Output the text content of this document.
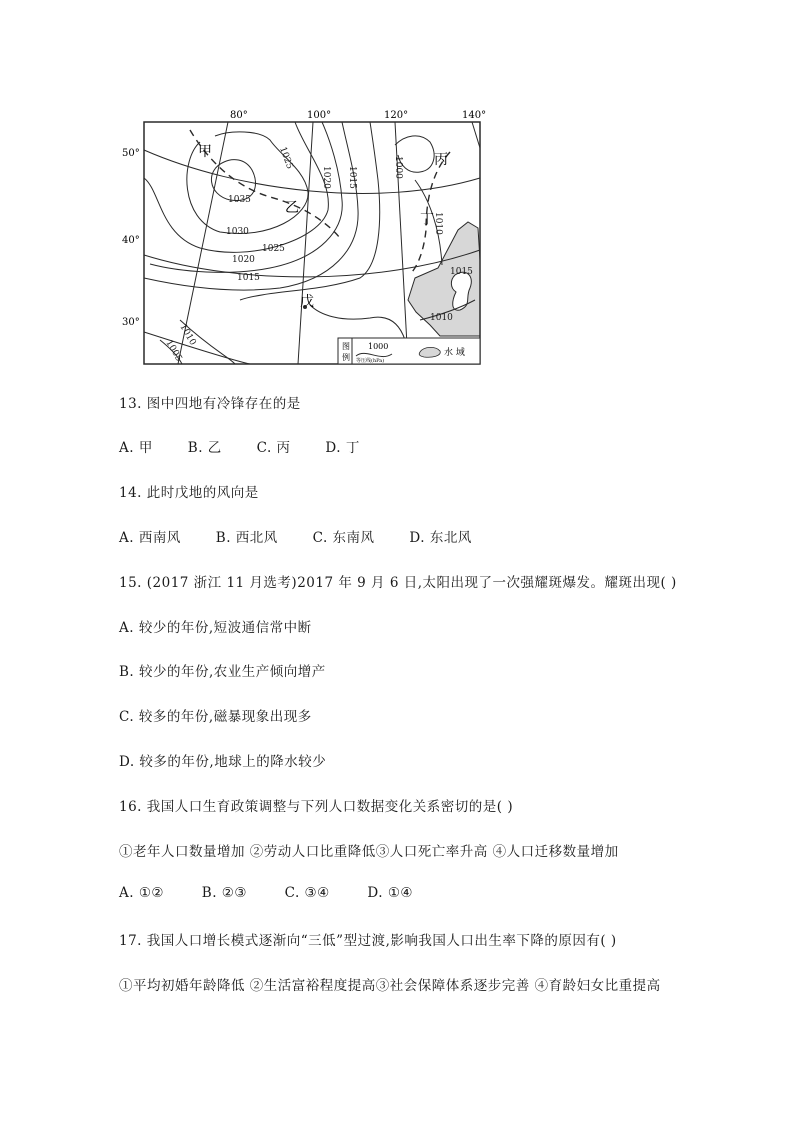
80°	100°	120°	140°
50°
40°
30°
甲
乙
丙
丁
戊
1035
1030
1025
1020
1015
1010
1005
1025
1020 1015	1000
1010
1015
1010
图
例
1000
等压线(hPa)
水 域
13. 图中四地有冷锋存在的是
A. 甲	B. 乙	C. 丙	D. 丁
14. 此时戊地的风向是
A. 西南风	B. 西北风	C. 东南风	D. 东北风
15. (2017 浙江 11 月选考)2017 年 9 月 6 日,太阳出现了一次强耀斑爆发。耀斑出现( )
A. 较少的年份,短波通信常中断
B. 较少的年份,农业生产倾向增产
C. 较多的年份,磁暴现象出现多
D. 较多的年份,地球上的降水较少
16. 我国人口生育政策调整与下列人口数据变化关系密切的是( )
①老年人口数量增加 ②劳动人口比重降低③人口死亡率升高 ④人口迁移数量增加
A. ①②	B. ②③	C. ③④	D. ①④
17. 我国人口增长模式逐渐向“三低”型过渡,影响我国人口出生率下降的原因有( )
①平均初婚年龄降低 ②生活富裕程度提高③社会保障体系逐步完善 ④育龄妇女比重提高
